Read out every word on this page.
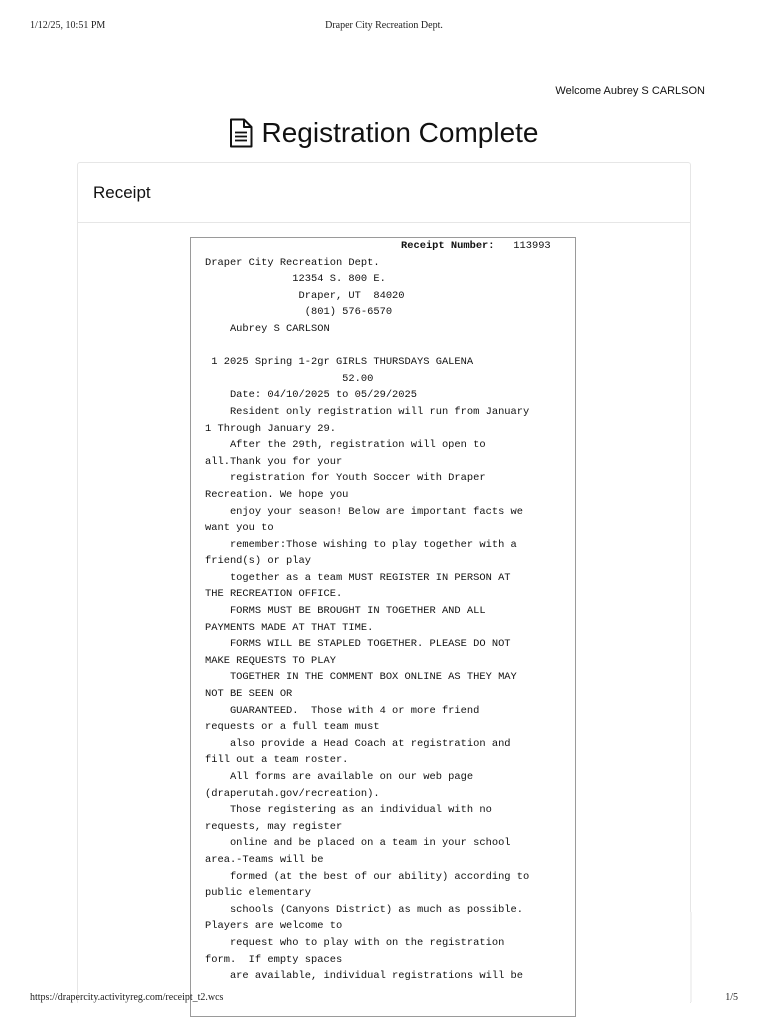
1/12/25, 10:51 PM	Draper City Recreation Dept.
Welcome Aubrey S CARLSON
Registration Complete
Receipt
Receipt Number: 113993
Draper City Recreation Dept.
12354 S. 800 E.
Draper, UT  84020
(801) 576-6570
Aubrey S CARLSON

1 2025 Spring 1-2gr GIRLS THURSDAYS GALENA
52.00
Date: 04/10/2025 to 05/29/2025
Resident only registration will run from January
1 Through January 29.
After the 29th, registration will open to
all.Thank you for your
registration for Youth Soccer with Draper
Recreation. We hope you
enjoy your season! Below are important facts we
want you to
remember:Those wishing to play together with a
friend(s) or play
together as a team MUST REGISTER IN PERSON AT
THE RECREATION OFFICE.
FORMS MUST BE BROUGHT IN TOGETHER AND ALL
PAYMENTS MADE AT THAT TIME.
FORMS WILL BE STAPLED TOGETHER. PLEASE DO NOT
MAKE REQUESTS TO PLAY
TOGETHER IN THE COMMENT BOX ONLINE AS THEY MAY
NOT BE SEEN OR
GUARANTEED.  Those with 4 or more friend
requests or a full team must
also provide a Head Coach at registration and
fill out a team roster.
All forms are available on our web page
(draperutah.gov/recreation).
Those registering as an individual with no
requests, may register
online and be placed on a team in your school
area.-Teams will be
formed (at the best of our ability) according to
public elementary
schools (Canyons District) as much as possible.
Players are welcome to
request who to play with on the registration
form.  If empty spaces
are available, individual registrations will be
https://drapercity.activityreg.com/receipt_t2.wcs	1/5
